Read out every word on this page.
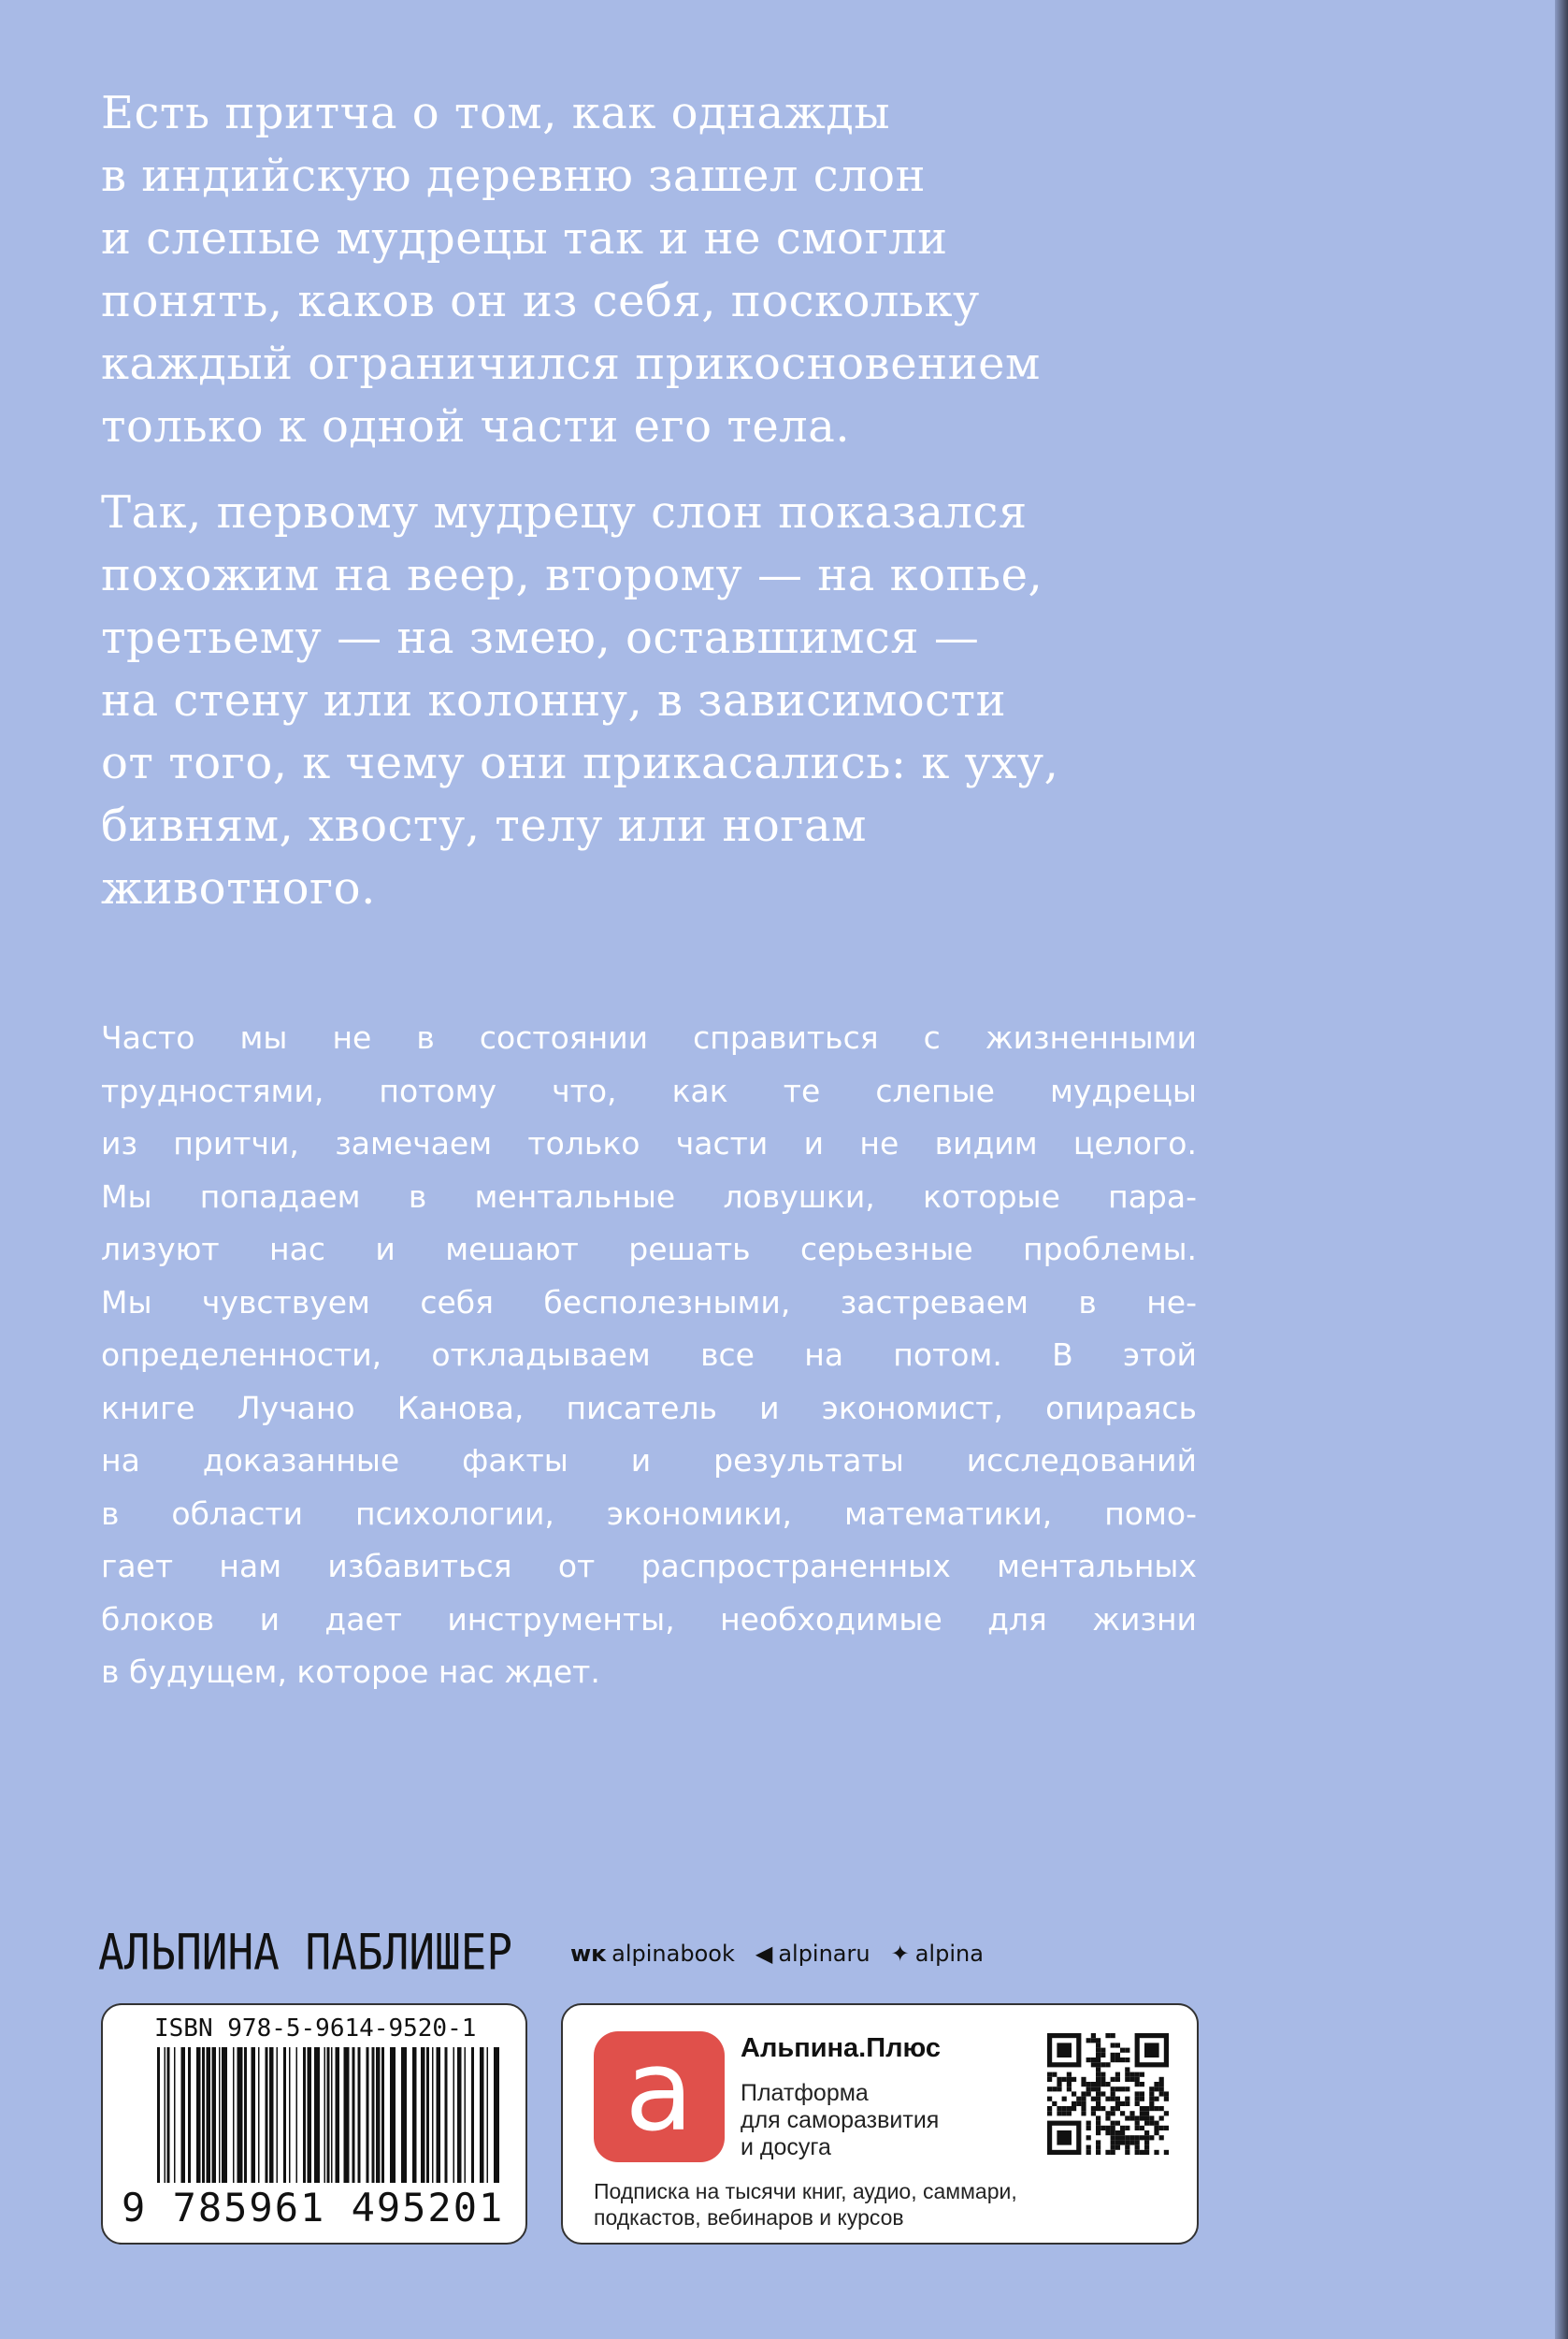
Есть притча о том, как однажды
в индийскую деревню зашел слон
и слепые мудрецы так и не смогли
понять, каков он из себя, поскольку
каждый ограничился прикосновением
только к одной части его тела.
Так, первому мудрецу слон показался
похожим на веер, второму — на копье,
третьему — на змею, оставшимся —
на стену или колонну, в зависимости
от того, к чему они прикасались: к уху,
бивням, хвосту, телу или ногам
животного.
Часто мы не в состоянии справиться с жизненными
трудностями, потому что, как те слепые мудрецы
из притчи, замечаем только части и не видим целого.
Мы попадаем в ментальные ловушки, которые пара-
лизуют нас и мешают решать серьезные проблемы.
Мы чувствуем себя бесполезными, застреваем в не-
определенности, откладываем все на потом. В этой
книге Лучано Канова, писатель и экономист, опираясь
на доказанные факты и результаты исследований
в области психологии, экономики, математики, помо-
гает нам избавиться от распространенных ментальных
блоков и дает инструменты, необходимые для жизни
в будущем, которое нас ждет.
АЛЬПИНА ПАБЛИШЕР	ᴡĸ alpinabook ◀ alpinaru ✦ alpina
ISBN 978-5-9614-9520-1
9 785961 495201
a	Альпина.Плюс
Платформа
для саморазвития
и досуга
Подписка на тысячи книг, аудио, саммари,
подкастов, вебинаров и курсов
